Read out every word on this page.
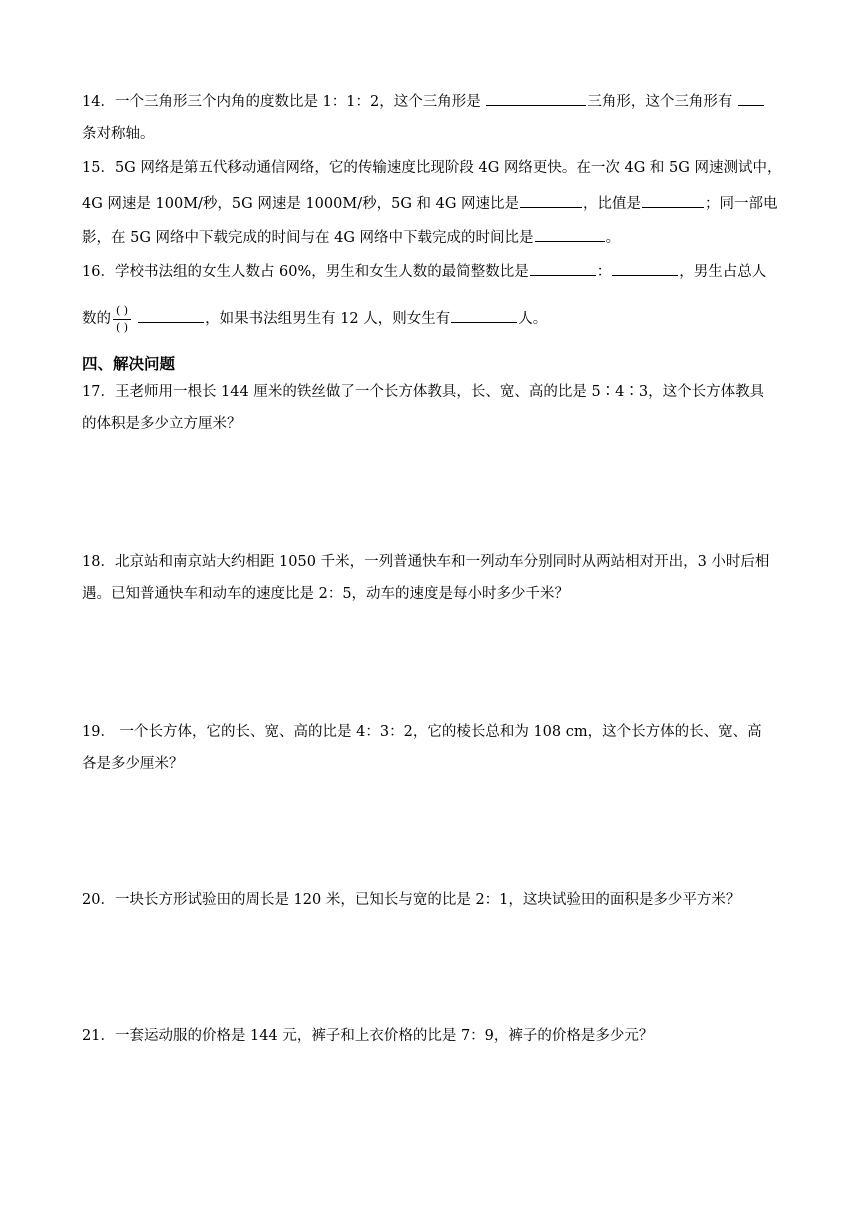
14．一个三角形三个内角的度数比是 1：1：2，这个三角形是	三角形，这个三角形有
条对称轴。
15．5G 网络是第五代移动通信网络，它的传输速度比现阶段 4G 网络更快。在一次 4G 和 5G 网速测试中，
4G 网速是 100M/秒，5G 网速是 1000M/秒，5G 和 4G 网速比是	，比值是	；同一部电
影，在 5G 网络中下载完成的时间与在 4G 网络中下载完成的时间比是	。
16．学校书法组的女生人数占 60%，男生和女生人数的最简整数比是	：	，男生占总人
数的 $\frac{( )}{( )}$	，如果书法组男生有 12 人，则女生有	人。
四、解决问题
17．王老师用一根长 144 厘米的铁丝做了一个长方体教具，长、宽、高的比是 5∶4∶3，这个长方体教具
的体积是多少立方厘米？
18．北京站和南京站大约相距 1050 千米，一列普通快车和一列动车分别同时从两站相对开出，3 小时后相
遇。已知普通快车和动车的速度比是 2：5，动车的速度是每小时多少千米？
19． 一个长方体，它的长、宽、高的比是 4：3：2，它的棱长总和为 108 cm，这个长方体的长、宽、高
各是多少厘米？
20．一块长方形试验田的周长是 120 米，已知长与宽的比是 2：1，这块试验田的面积是多少平方米？
21．一套运动服的价格是 144 元，裤子和上衣价格的比是 7：9，裤子的价格是多少元？
